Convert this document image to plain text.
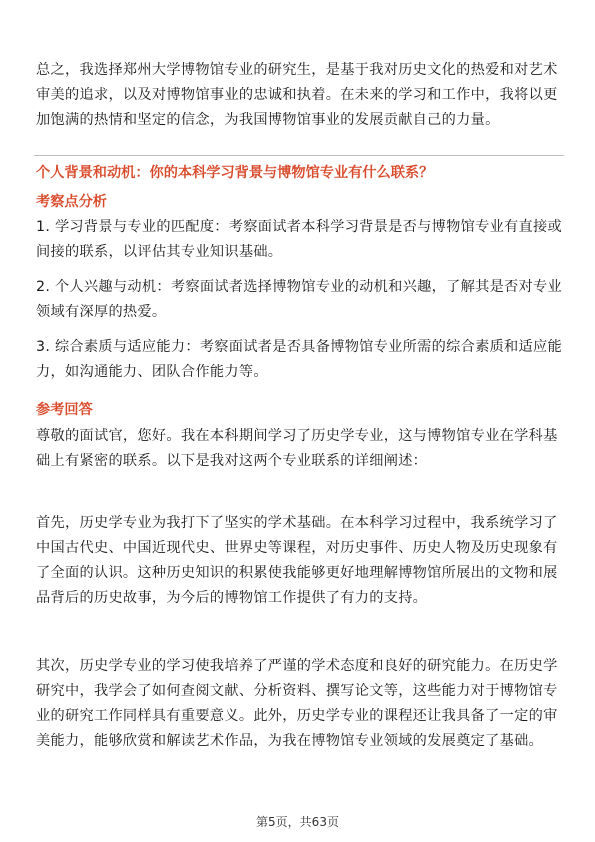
总之，我选择郑州大学博物馆专业的研究生，是基于我对历史文化的热爱和对艺术审美的追求，以及对博物馆事业的忠诚和执着。在未来的学习和工作中，我将以更加饱满的热情和坚定的信念，为我国博物馆事业的发展贡献自己的力量。

个人背景和动机：你的本科学习背景与博物馆专业有什么联系？

考察点分析

1. 学习背景与专业的匹配度：考察面试者本科学习背景是否与博物馆专业有直接或间接的联系，以评估其专业知识基础。

2. 个人兴趣与动机：考察面试者选择博物馆专业的动机和兴趣，了解其是否对专业领域有深厚的热爱。

3. 综合素质与适应能力：考察面试者是否具备博物馆专业所需的综合素质和适应能力，如沟通能力、团队合作能力等。

参考回答

尊敬的面试官，您好。我在本科期间学习了历史学专业，这与博物馆专业在学科基础上有紧密的联系。以下是我对这两个专业联系的详细阐述：

首先，历史学专业为我打下了坚实的学术基础。在本科学习过程中，我系统学习了中国古代史、中国近现代史、世界史等课程，对历史事件、历史人物及历史现象有了全面的认识。这种历史知识的积累使我能够更好地理解博物馆所展出的文物和展品背后的历史故事，为今后的博物馆工作提供了有力的支持。

其次，历史学专业的学习使我培养了严谨的学术态度和良好的研究能力。在历史学研究中，我学会了如何查阅文献、分析资料、撰写论文等，这些能力对于博物馆专业的研究工作同样具有重要意义。此外，历史学专业的课程还让我具备了一定的审美能力，能够欣赏和解读艺术作品，为我在博物馆专业领域的发展奠定了基础。

第5页，共63页
